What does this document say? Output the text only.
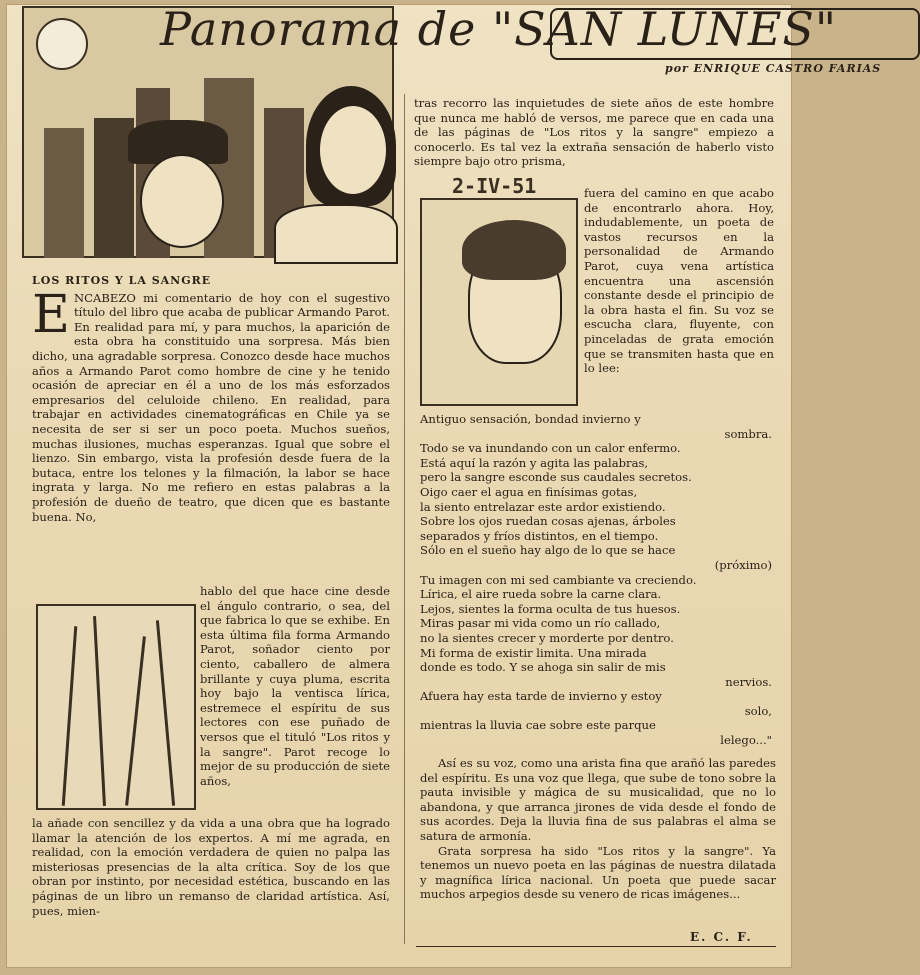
Panorama de "SAN LUNES"
por ENRIQUE CASTRO FARIAS
LOS RITOS Y LA SANGRE

ENCABEZO mi comentario de hoy con el sugestivo título del libro que acaba de publicar Armando Parot. En realidad para mí, y para muchos, la aparición de esta obra ha constituido una sorpresa. Más bien dicho, una agradable sorpresa. Conozco desde hace muchos años a Armando Parot como hombre de cine y he tenido ocasión de apreciar en él a uno de los más esforzados empresarios del celuloide chileno. En realidad, para trabajar en actividades cinematográficas en Chile ya se necesita de ser si ser un poco poeta. Muchos sueños, muchas ilusiones, muchas esperanzas. Igual que sobre el lienzo. Sin embargo, vista la profesión desde fuera de la butaca, entre los telones y la filmación, la labor se hace ingrata y larga. No me refiero en estas palabras a la profesión de dueño de teatro, que dicen que es bastante buena. No,

hablo del que hace cine desde el ángulo contrario, o sea, del que fabrica lo que se exhibe. En esta última fila forma Armando Parot, soñador ciento por ciento, caballero de almera brillante y cuya pluma, escrita hoy bajo la ventisca lírica, estremece el espíritu de sus lectores con ese puñado de versos que el tituló "Los ritos y la sangre". Parot recoge lo mejor de su producción de siete años,

la añade con sencillez y da vida a una obra que ha logrado llamar la atención de los expertos. A mí me agrada, en realidad, con la emoción verdadera de quien no palpa las misteriosas presencias de la alta crítica. Soy de los que obran por instinto, por necesidad estética, buscando en las páginas de un libro un remanso de claridad artística. Así, pues, mien-

tras recorro las inquietudes de siete años de este hombre que nunca me habló de versos, me parece que en cada una de las páginas de "Los ritos y la sangre" empiezo a conocerlo. Es tal vez la extraña sensación de haberlo visto siempre bajo otro prisma,

2-IV-51	fuera del camino en que acabo de encontrarlo ahora. Hoy, indudablemente, un poeta de vastos recursos en la personalidad de Armando Parot, cuya vena artística encuentra una ascensión constante desde el principio de la obra hasta el fin. Su voz se escucha clara, fluyente, con pinceladas de grata emoción que se transmiten hasta que en lo lee:

Antiguo sensación, bondad invierno y
sombra.
Todo se va inundando con un calor enfermo.
Está aquí la razón y agita las palabras,
pero la sangre esconde sus caudales secretos.
Oigo caer el agua en finísimas gotas,
la siento entrelazar este ardor existiendo.
Sobre los ojos ruedan cosas ajenas, árboles
separados y fríos distintos, en el tiempo.
Sólo en el sueño hay algo de lo que se hace
(próximo)
Tu imagen con mi sed cambiante va creciendo.
Lírica, el aire rueda sobre la carne clara.
Lejos, sientes la forma oculta de tus huesos.
Miras pasar mi vida como un río callado,
no la sientes crecer y morderte por dentro.
Mi forma de existir limita. Una mirada
donde es todo. Y se ahoga sin salir de mis
nervios.
Afuera hay esta tarde de invierno y estoy
solo,
mientras la lluvia cae sobre este parque
lelego..."

Así es su voz, como una arista fina que arañó las paredes del espíritu. Es una voz que llega, que sube de tono sobre la pauta invisible y mágica de su musicalidad, que no lo abandona, y que arranca jirones de vida desde el fondo de sus acordes. Deja la lluvia fina de sus palabras el alma se satura de armonía.

Grata sorpresa ha sido "Los ritos y la sangre". Ya tenemos un nuevo poeta en las páginas de nuestra dilatada y magnífica lírica nacional. Un poeta que puede sacar muchos arpegios desde su venero de ricas imágenes...

E. C. F.
